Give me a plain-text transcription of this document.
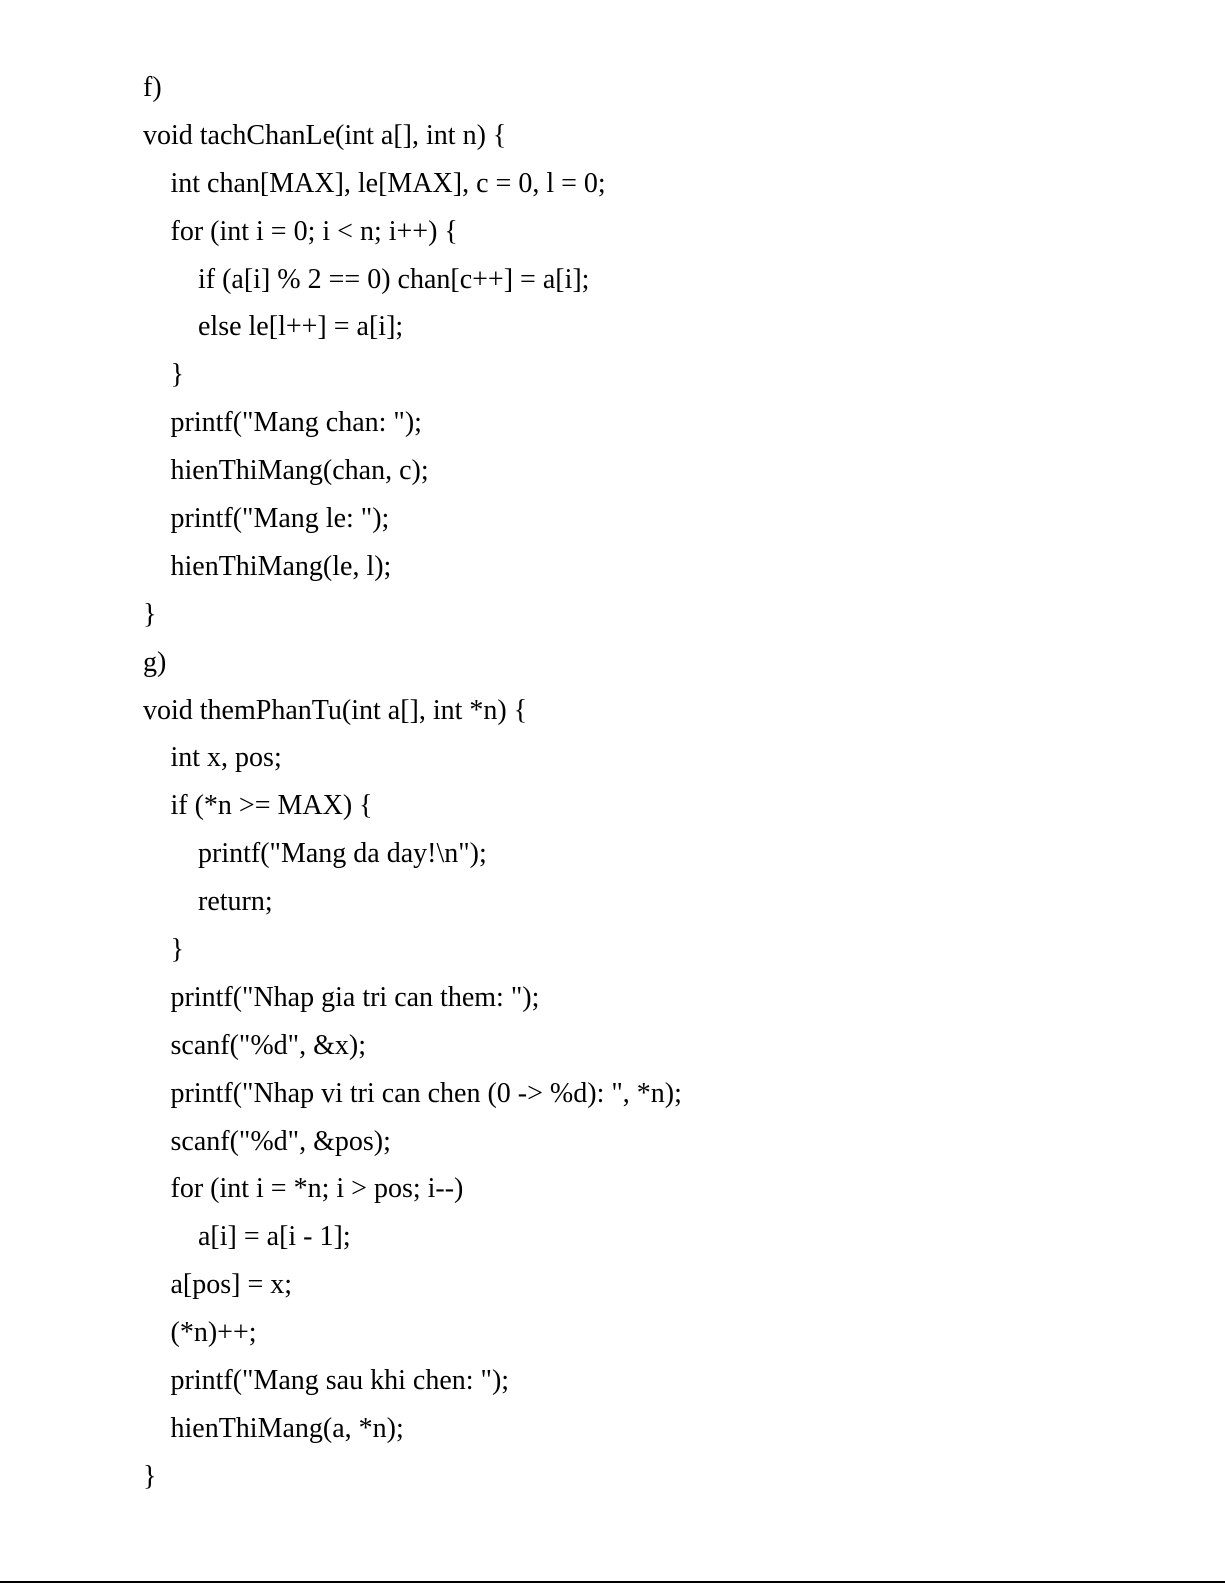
f)
void tachChanLe(int a[], int n) {
int chan[MAX], le[MAX], c = 0, l = 0;
for (int i = 0; i < n; i++) {
if (a[i] % 2 == 0) chan[c++] = a[i];
else le[l++] = a[i];
}
printf("Mang chan: ");
hienThiMang(chan, c);
printf("Mang le: ");
hienThiMang(le, l);
}
g)
void themPhanTu(int a[], int *n) {
int x, pos;
if (*n >= MAX) {
printf("Mang da day!\n");
return;
}
printf("Nhap gia tri can them: ");
scanf("%d", &x);
printf("Nhap vi tri can chen (0 -> %d): ", *n);
scanf("%d", &pos);
for (int i = *n; i > pos; i--)
a[i] = a[i - 1];
a[pos] = x;
(*n)++;
printf("Mang sau khi chen: ");
hienThiMang(a, *n);
}
